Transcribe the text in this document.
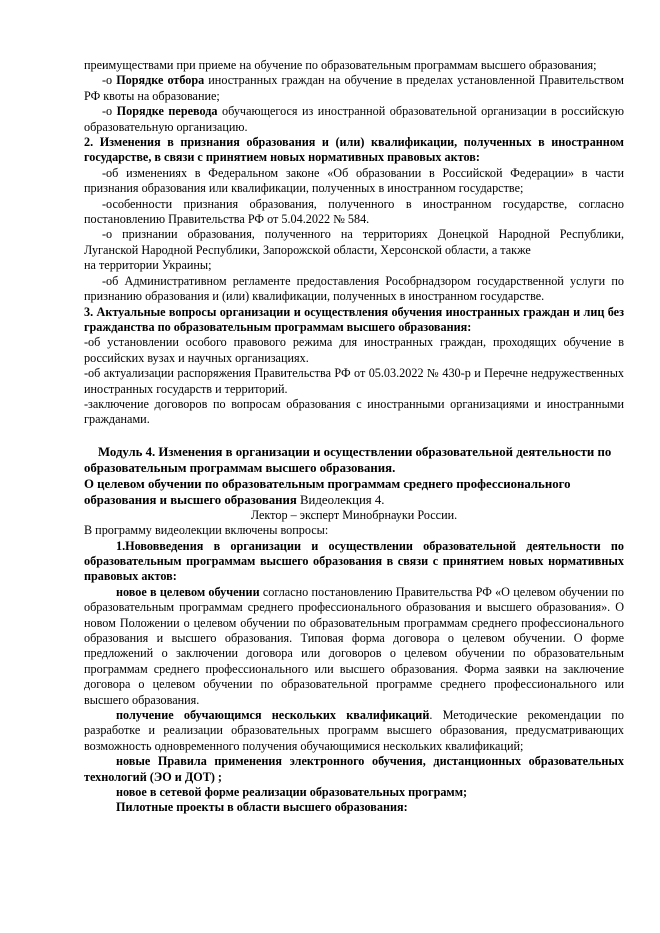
преимуществами при приеме на обучение по образовательным программам высшего образования;

-о Порядке отбора иностранных граждан на обучение в пределах установленной Правительством РФ квоты на образование;

-о Порядке перевода обучающегося из иностранной образовательной организации в российскую образовательную организацию.

2. Изменения в признания образования и (или) квалификации, полученных в иностранном государстве, в связи с принятием новых нормативных правовых актов:

-об изменениях в Федеральном законе «Об образовании в Российской Федерации» в части признания образования или квалификации, полученных в иностранном государстве;

-особенности признания образования, полученного в иностранном государстве, согласно постановлению Правительства РФ от 5.04.2022 № 584.

-о признании образования, полученного на территориях Донецкой Народной Республики, Луганской Народной Республики, Запорожской области, Херсонской области, а также

на территории Украины;

-об Административном регламенте предоставления Рособрнадзором государственной услуги по признанию образования и (или) квалификации, полученных в иностранном государстве.

3. Актуальные вопросы организации и осуществления обучения иностранных граждан и лиц без гражданства по образовательным программам высшего образования:

-об установлении особого правового режима для иностранных граждан, проходящих обучение в российских вузах и научных организациях.

-об актуализации распоряжения Правительства РФ от 05.03.2022 № 430-р и Перечне недружественных иностранных государств и территорий.

-заключение договоров по вопросам образования с иностранными организациями и иностранными гражданами.

Модуль 4. Изменения в организации и осуществлении образовательной деятельности по образовательным программам высшего образования.

О целевом обучении по образовательным программам среднего профессионального образования и высшего образования Видеолекция 4.

Лектор – эксперт Минобрнауки России.

В программу видеолекции включены вопросы:

1.Нововведения в организации и осуществлении образовательной деятельности по образовательным программам высшего образования в связи с принятием новых нормативных правовых актов:

новое в целевом обучении согласно постановлению Правительства РФ «О целевом обучении по образовательным программам среднего профессионального образования и высшего образования». О новом Положении о целевом обучении по образовательным программам среднего профессионального образования и высшего образования. Типовая форма договора о целевом обучении. О форме предложений о заключении договора или договоров о целевом обучении по образовательным программам среднего профессионального или высшего образования. Форма заявки на заключение договора о целевом обучении по образовательной программе среднего профессионального или высшего образования.

получение обучающимся нескольких квалификаций. Методические рекомендации по разработке и реализации образовательных программ высшего образования, предусматривающих возможность одновременного получения обучающимися нескольких квалификаций;

новые Правила применения электронного обучения, дистанционных образовательных технологий (ЭО и ДОТ) ;

новое в сетевой форме реализации образовательных программ;

Пилотные проекты в области высшего образования:
